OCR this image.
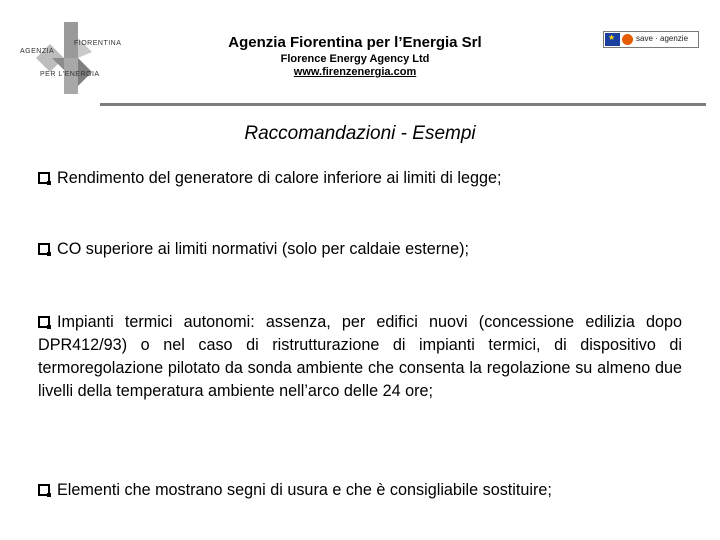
FIORENTINA
AGENZIA
PER L'ENERGIA
Agenzia Fiorentina per l’Energia Srl
Florence Energy Agency Ltd
www.firenzenergia.com
★	save · agenzie
Raccomandazioni - Esempi
Rendimento del generatore di calore inferiore ai limiti di legge;
CO superiore ai limiti normativi (solo per caldaie esterne);
Impianti termici autonomi: assenza, per edifici nuovi (concessione edilizia dopo DPR412/93) o nel caso di ristrutturazione di impianti termici, di dispositivo di termoregolazione pilotato da sonda ambiente che consenta la regolazione su almeno due livelli della temperatura ambiente nell’arco delle 24 ore;
Elementi che mostrano segni di usura e che è consigliabile sostituire;
